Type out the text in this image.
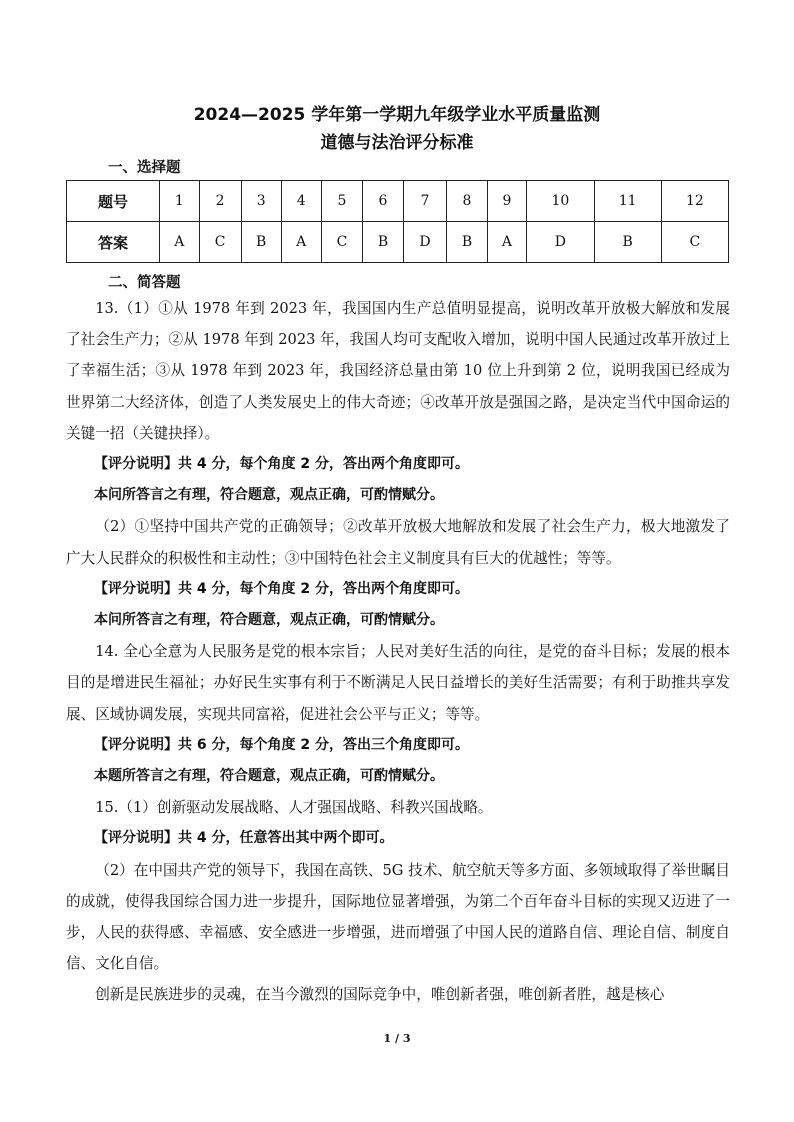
2024—2025 学年第一学期九年级学业水平质量监测
道德与法治评分标准
一、选择题
题号	1	2	3	4	5	6	7	8	9	10	11	12
答案	A	C	B	A	C	B	D	B	A	D	B	C
二、简答题

13.（1）①从 1978 年到 2023 年，我国国内生产总值明显提高，说明改革开放极大解放和发展了社会生产力；②从 1978 年到 2023 年，我国人均可支配收入增加，说明中国人民通过改革开放过上了幸福生活；③从 1978 年到 2023 年，我国经济总量由第 10 位上升到第 2 位，说明我国已经成为世界第二大经济体，创造了人类发展史上的伟大奇迹；④改革开放是强国之路，是决定当代中国命运的关键一招（关键抉择）。

【评分说明】共 4 分，每个角度 2 分，答出两个角度即可。

本问所答言之有理，符合题意，观点正确，可酌情赋分。

（2）①坚持中国共产党的正确领导；②改革开放极大地解放和发展了社会生产力，极大地激发了广大人民群众的积极性和主动性；③中国特色社会主义制度具有巨大的优越性；等等。

【评分说明】共 4 分，每个角度 2 分，答出两个角度即可。

本问所答言之有理，符合题意，观点正确，可酌情赋分。

14. 全心全意为人民服务是党的根本宗旨；人民对美好生活的向往，是党的奋斗目标；发展的根本目的是增进民生福祉；办好民生实事有利于不断满足人民日益增长的美好生活需要；有利于助推共享发展、区域协调发展，实现共同富裕，促进社会公平与正义；等等。

【评分说明】共 6 分，每个角度 2 分，答出三个角度即可。

本题所答言之有理，符合题意，观点正确，可酌情赋分。

15.（1）创新驱动发展战略、人才强国战略、科教兴国战略。

【评分说明】共 4 分，任意答出其中两个即可。

（2）在中国共产党的领导下，我国在高铁、5G 技术、航空航天等多方面、多领域取得了举世瞩目的成就，使得我国综合国力进一步提升，国际地位显著增强，为第二个百年奋斗目标的实现又迈进了一步，人民的获得感、幸福感、安全感进一步增强，进而增强了中国人民的道路自信、理论自信、制度自信、文化自信。

创新是民族进步的灵魂，在当今激烈的国际竞争中，唯创新者强，唯创新者胜，越是核心

1 / 3
